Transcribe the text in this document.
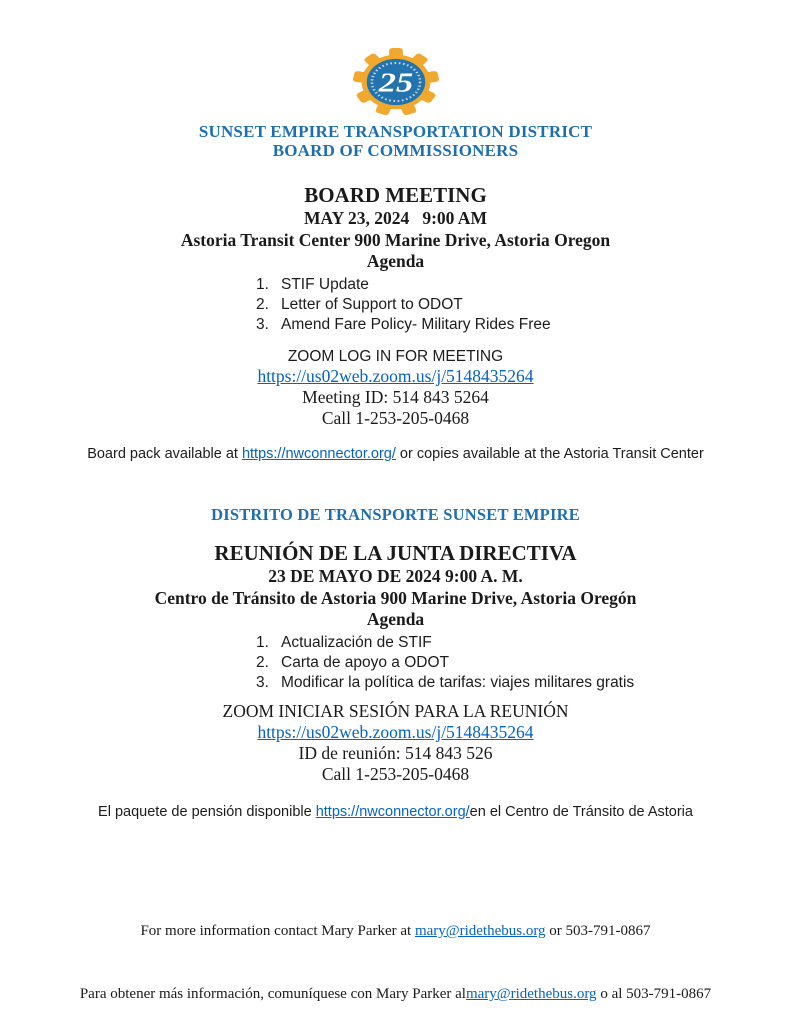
25
SUNSET EMPIRE TRANSPORTATION DISTRICT
BOARD OF COMMISSIONERS
BOARD MEETING
MAY 23, 2024   9:00 AM
Astoria Transit Center 900 Marine Drive, Astoria Oregon
Agenda
STIF Update
Letter of Support to ODOT
Amend Fare Policy- Military Rides Free
ZOOM LOG IN FOR MEETING
https://us02web.zoom.us/j/5148435264
Meeting ID: 514 843 5264
Call 1-253-205-0468
Board pack available at https://nwconnector.org/ or copies available at the Astoria Transit Center
DISTRITO DE TRANSPORTE SUNSET EMPIRE
REUNIÓN DE LA JUNTA DIRECTIVA
23 DE MAYO DE 2024 9:00 A. M.
Centro de Tránsito de Astoria 900 Marine Drive, Astoria Oregón
Agenda
Actualización de STIF
Carta de apoyo a ODOT
Modificar la política de tarifas: viajes militares gratis
ZOOM INICIAR SESIÓN PARA LA REUNIÓN
https://us02web.zoom.us/j/5148435264
ID de reunión: 514 843 526
Call 1-253-205-0468
El paquete de pensión disponible https://nwconnector.org/en el Centro de Tránsito de Astoria

For more information contact Mary Parker at mary@ridethebus.org or 503-791-0867

Para obtener más información, comuníquese con Mary Parker almary@ridethebus.org o al 503-791-0867
